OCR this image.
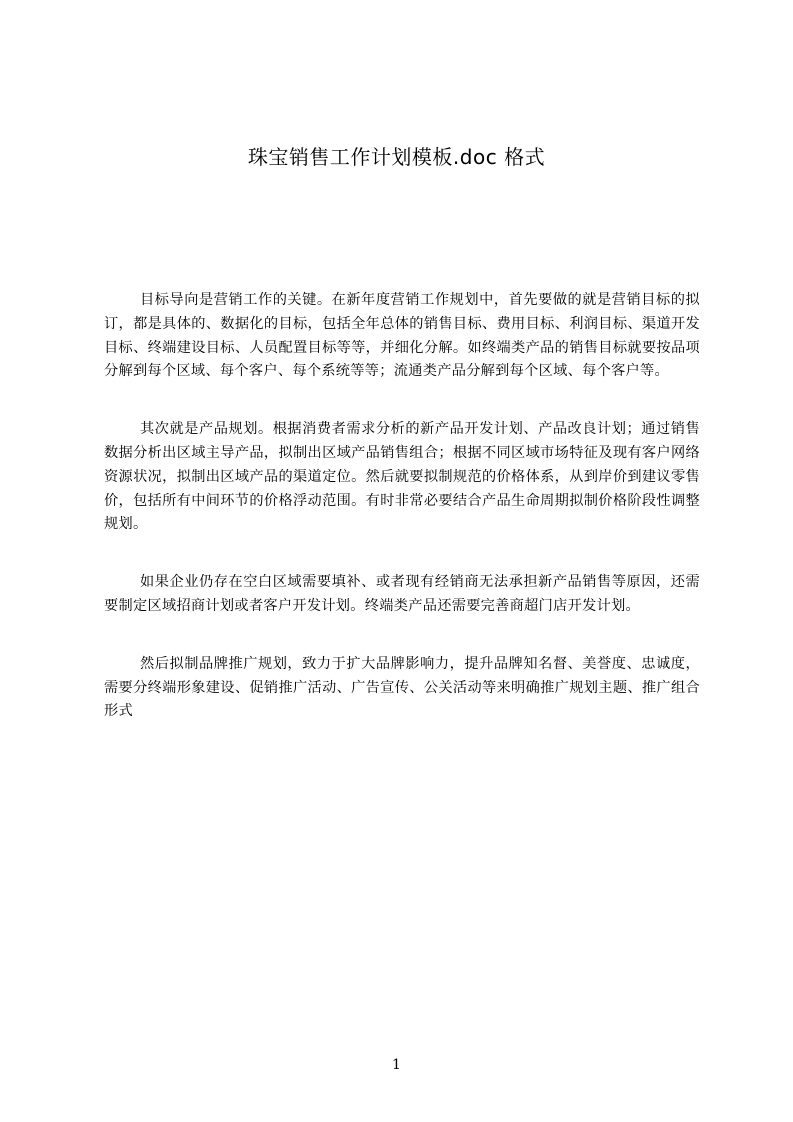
珠宝销售工作计划模板.doc 格式

目标导向是营销工作的关键。在新年度营销工作规划中，首先要做的就是营销目标的拟订，都是具体的、数据化的目标，包括全年总体的销售目标、费用目标、利润目标、渠道开发目标、终端建设目标、人员配置目标等等，并细化分解。如终端类产品的销售目标就要按品项分解到每个区域、每个客户、每个系统等等；流通类产品分解到每个区域、每个客户等。

其次就是产品规划。根据消费者需求分析的新产品开发计划、产品改良计划；通过销售数据分析出区域主导产品，拟制出区域产品销售组合；根据不同区域市场特征及现有客户网络资源状况，拟制出区域产品的渠道定位。然后就要拟制规范的价格体系，从到岸价到建议零售价，包括所有中间环节的价格浮动范围。有时非常必要结合产品生命周期拟制价格阶段性调整规划。

如果企业仍存在空白区域需要填补、或者现有经销商无法承担新产品销售等原因，还需要制定区域招商计划或者客户开发计划。终端类产品还需要完善商超门店开发计划。

然后拟制品牌推广规划，致力于扩大品牌影响力，提升品牌知名督、美誉度、忠诚度，需要分终端形象建设、促销推广活动、广告宣传、公关活动等来明确推广规划主题、推广组合形式

1
